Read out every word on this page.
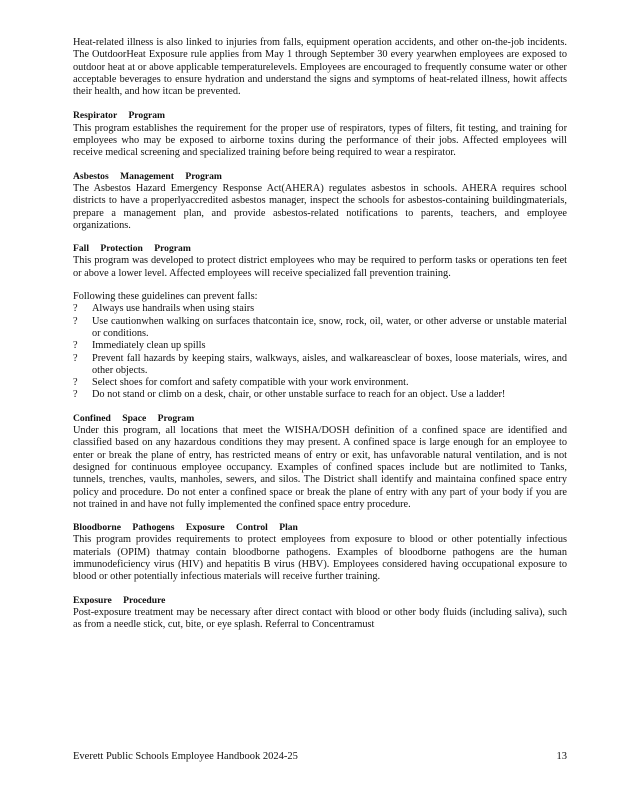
Heat-related illness is also linked to injuries from falls, equipment operation accidents, and other on-the-job incidents. The OutdoorHeat Exposure rule applies from May 1 through September 30 every yearwhen employees are exposed to outdoor heat at or above applicable temperaturelevels. Employees are encouraged to frequently consume water or other acceptable beverages to ensure hydration and understand the signs and symptoms of heat-related illness, howit affects their health, and how itcan be prevented.

Respirator Program

This program establishes the requirement for the proper use of respirators, types of filters, fit testing, and training for employees who may be exposed to airborne toxins during the performance of their jobs. Affected employees will receive medical screening and specialized training before being required to wear a respirator.

Asbestos Management Program

The Asbestos Hazard Emergency Response Act(AHERA) regulates asbestos in schools. AHERA requires school districts to have a properlyaccredited asbestos manager, inspect the schools for asbestos-containing buildingmaterials, prepare a management plan, and provide asbestos-related notifications to parents, teachers, and employee organizations.

Fall Protection Program

This program was developed to protect district employees who may be required to perform tasks or operations ten feet or above a lower level. Affected employees will receive specialized fall prevention training.

Following these guidelines can prevent falls:

? Always use handrails when using stairs
? Use cautionwhen walking on surfaces thatcontain ice, snow, rock, oil, water, or other adverse or unstable material or conditions.
? Immediately clean up spills
? Prevent fall hazards by keeping stairs, walkways, aisles, and walkareasclear of boxes, loose materials, wires, and other objects.
? Select shoes for comfort and safety compatible with your work environment.
? Do not stand or climb on a desk, chair, or other unstable surface to reach for an object. Use a ladder!

Confined Space Program

Under this program, all locations that meet the WISHA/DOSH definition of a confined space are identified and classified based on any hazardous conditions they may present. A confined space is large enough for an employee to enter or break the plane of entry, has restricted means of entry or exit, has unfavorable natural ventilation, and is not designed for continuous employee occupancy. Examples of confined spaces include but are notlimited to Tanks, tunnels, trenches, vaults, manholes, sewers, and silos. The District shall identify and maintaina confined space entry policy and procedure. Do not enter a confined space or break the plane of entry with any part of your body if you are not trained in and have not fully implemented the confined space entry procedure.

Bloodborne Pathogens Exposure Control Plan

This program provides requirements to protect employees from exposure to blood or other potentially infectious materials (OPIM) thatmay contain bloodborne pathogens. Examples of bloodborne pathogens are the human immunodeficiency virus (HIV) and hepatitis B virus (HBV). Employees considered having occupational exposure to blood or other potentially infectious materials will receive further training.

Exposure Procedure

Post-exposure treatment may be necessary after direct contact with blood or other body fluids (including saliva), such as from a needle stick, cut, bite, or eye splash. Referral to Concentramust

Everett Public Schools Employee Handbook 2024-25	13
